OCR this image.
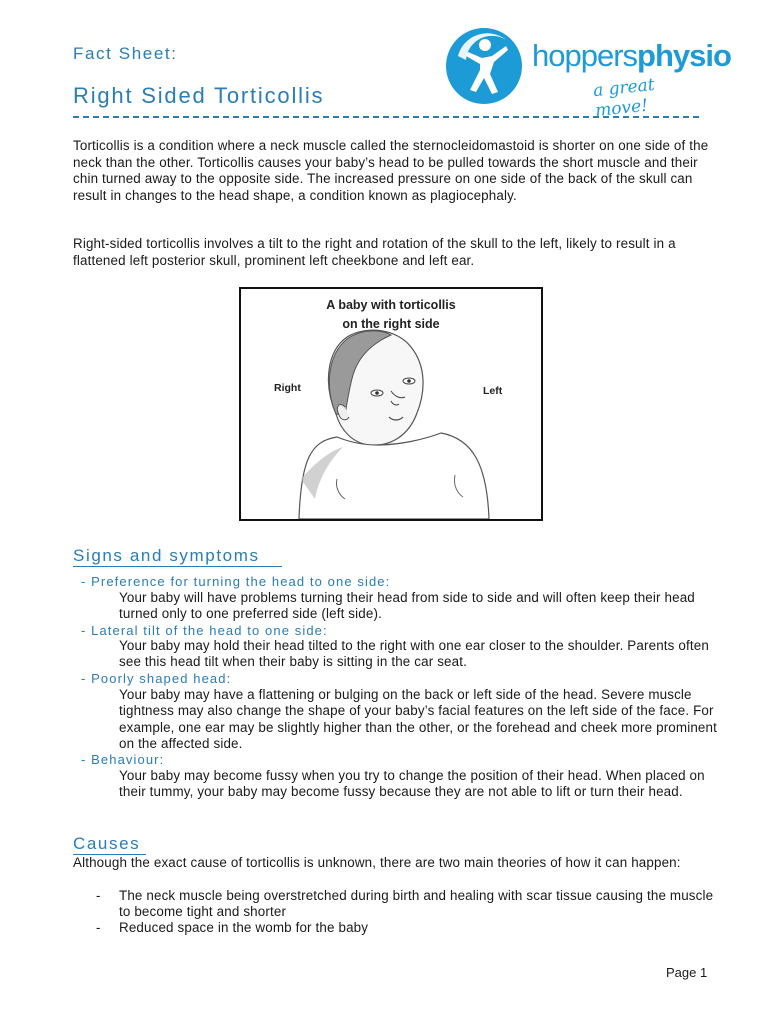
Fact Sheet:
Right Sided Torticollis
hoppersphysio
a great move!
Torticollis is a condition where a neck muscle called the sternocleidomastoid is shorter on one side of the neck than the other. Torticollis causes your baby’s head to be pulled towards the short muscle and their chin turned away to the opposite side. The increased pressure on one side of the back of the skull can result in changes to the head shape, a condition known as plagiocephaly.
Right-sided torticollis involves a tilt to the right and rotation of the skull to the left, likely to result in a flattened left posterior skull, prominent left cheekbone and left ear.
A baby with torticollis
on the right side
Right	Left
Signs and symptoms
- Preference for turning the head to one side:
Your baby will have problems turning their head from side to side and will often keep their head turned only to one preferred side (left side).
- Lateral tilt of the head to one side:
Your baby may hold their head tilted to the right with one ear closer to the shoulder. Parents often see this head tilt when their baby is sitting in the car seat.
- Poorly shaped head:
Your baby may have a flattening or bulging on the back or left side of the head. Severe muscle tightness may also change the shape of your baby’s facial features on the left side of the face. For example, one ear may be slightly higher than the other, or the forehead and cheek more prominent on the affected side.
- Behaviour:
Your baby may become fussy when you try to change the position of their head. When placed on their tummy, your baby may become fussy because they are not able to lift or turn their head.
Causes
Although the exact cause of torticollis is unknown, there are two main theories of how it can happen:
- The neck muscle being overstretched during birth and healing with scar tissue causing the muscle to become tight and shorter
- Reduced space in the womb for the baby
Page 1
